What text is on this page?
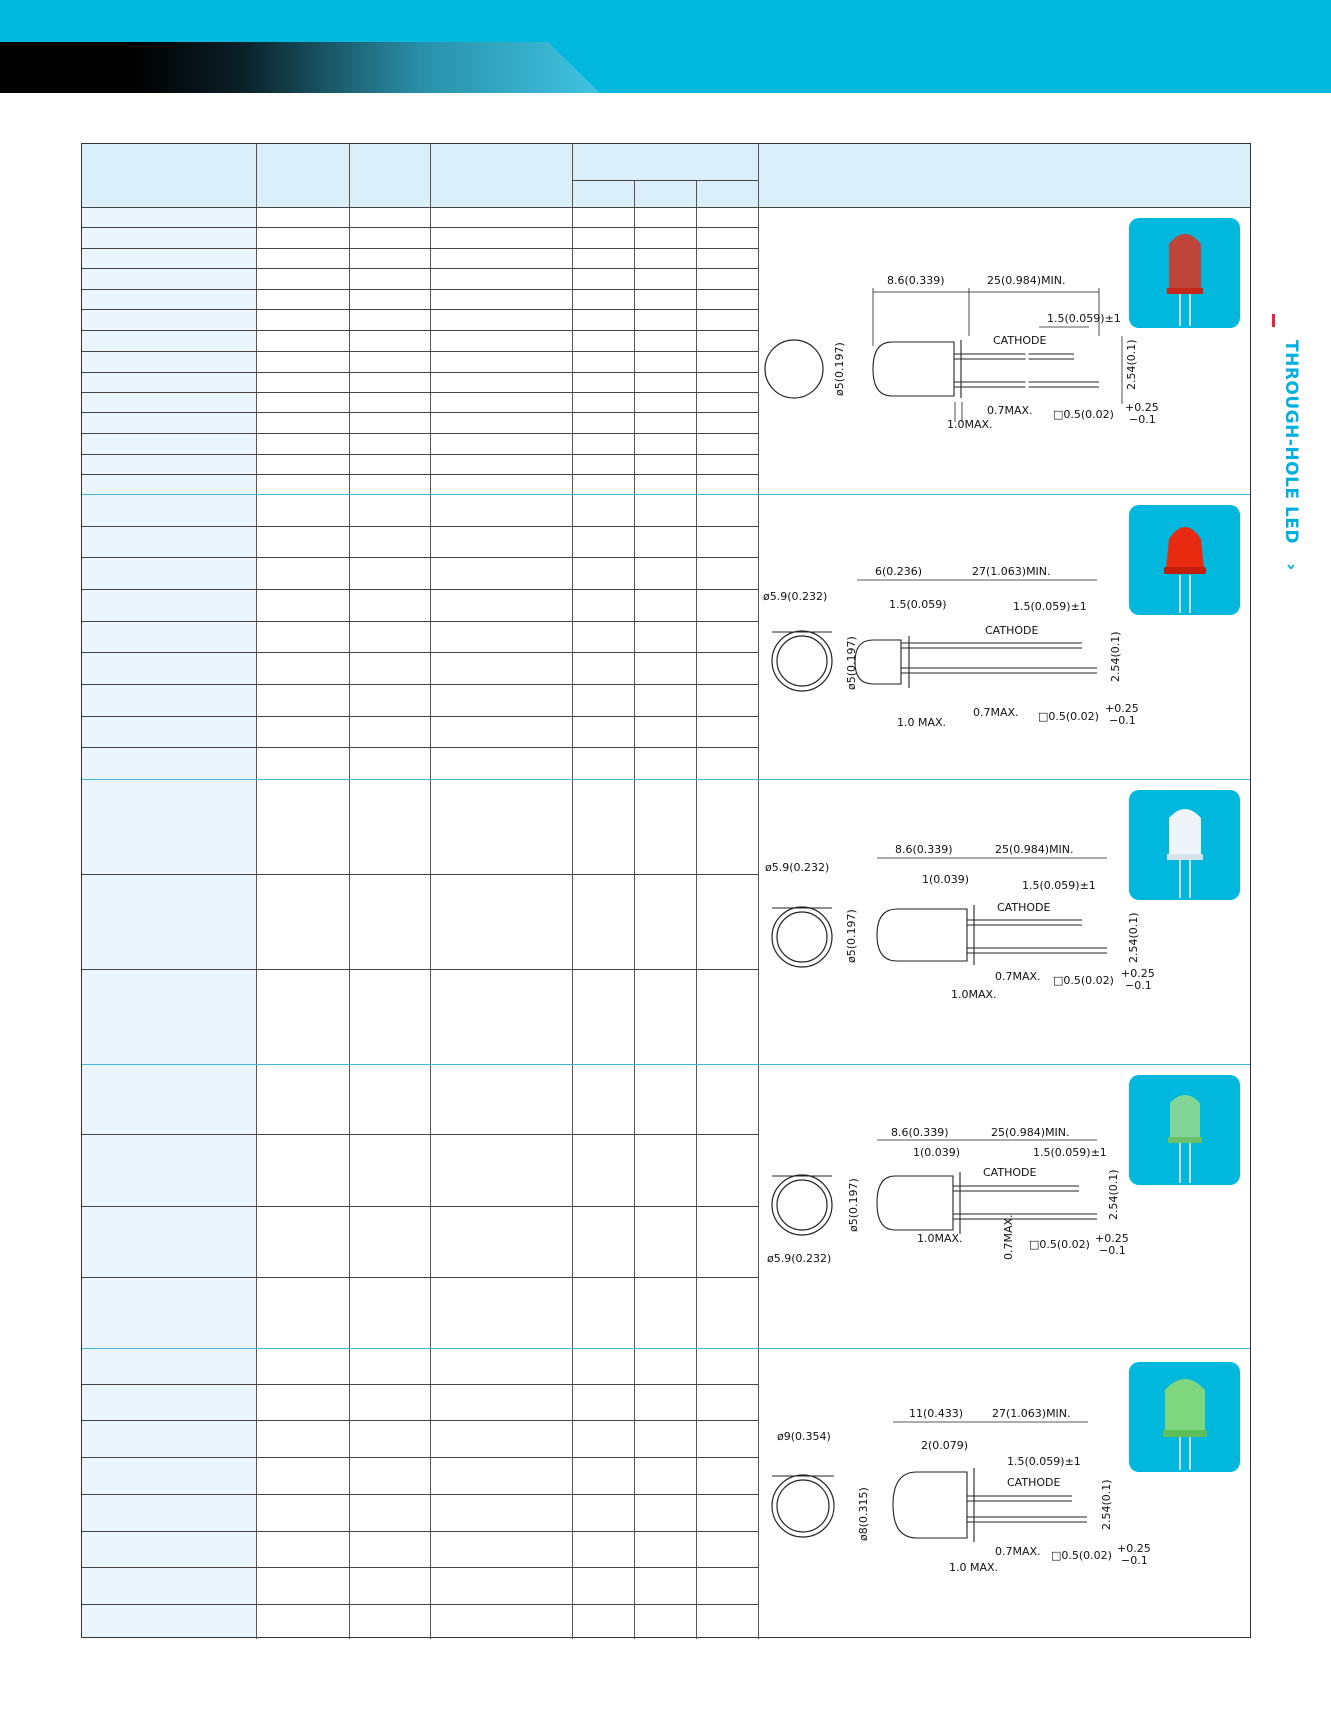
THROUGH-HOLE LED   ›
8.6(0.339)	25(0.984)MIN.
1.5(0.059)±1
CATHODE
ø5(0.197)	2.54(0.1)
0.7MAX. □0.5(0.02)
+0.25
−0.1
1.0MAX.
ø5.9(0.232)
6(0.236)	27(1.063)MIN.
1.5(0.059)	1.5(0.059)±1
CATHODE
ø5(0.197)	2.54(0.1)
0.7MAX. □0.5(0.02)
+0.25
−0.1
1.0 MAX.
ø5.9(0.232)
8.6(0.339)	25(0.984)MIN.
1(0.039)	1.5(0.059)±1
CATHODE
ø5(0.197)	2.54(0.1)
0.7MAX. □0.5(0.02)
+0.25
−0.1
1.0MAX.
ø5.9(0.232)
8.6(0.339)	25(0.984)MIN.
1(0.039)	1.5(0.059)±1
CATHODE
ø5(0.197)	2.54(0.1)
0.7MAX. □0.5(0.02) +0.25
−0.1
1.0MAX.
ø9(0.354)
11(0.433)	27(1.063)MIN.
2(0.079)
1.5(0.059)±1
CATHODE
ø8(0.315)	2.54(0.1)
0.7MAX. □0.5(0.02)
+0.25
−0.1
1.0 MAX.
